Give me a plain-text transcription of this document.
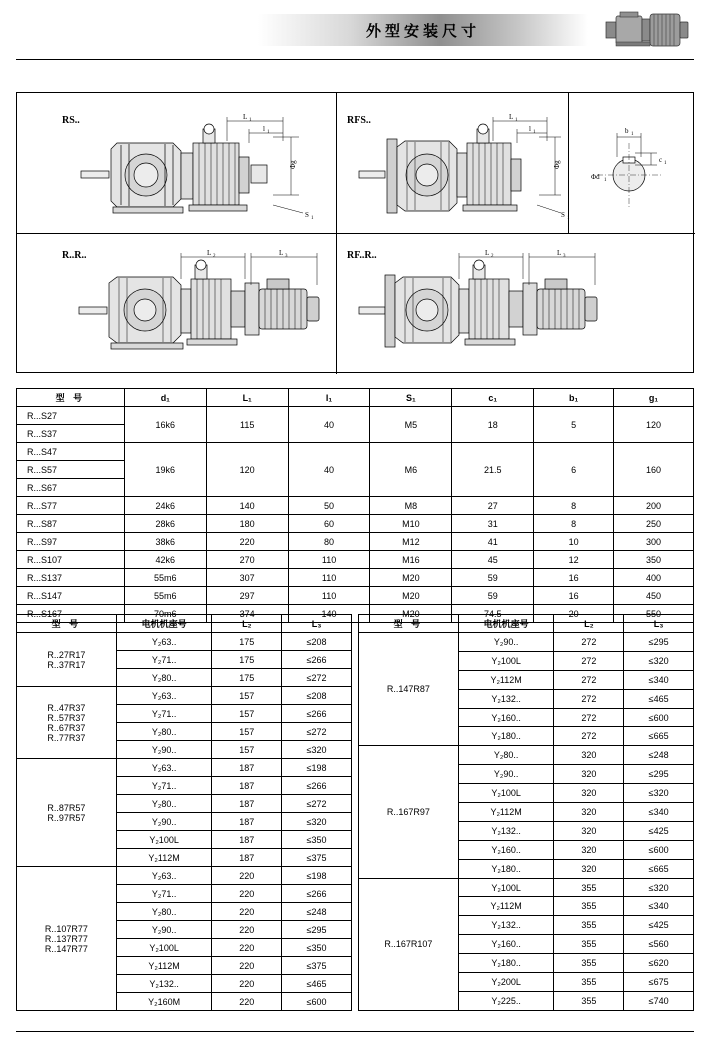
外型安装尺寸
RS..	RFS..
R..R..	RF..R..
L 1
l 1
Φg
S 1
L 1
l 1
Φg
S 1
b 1
c 1
Φd 1
L 2	L 3	L 2	L 3
型 号	d₁	L₁	l₁	S₁	c₁	b₁	g₁
R...S27	16k6	115	40	M5	18	5	120
R...S37							
R...S47	19k6	120	40	M6	21.5	6	160
R...S57							
R...S67							
R...S77	24k6	140	50	M8	27	8	200
R...S87	28k6	180	60	M10	31	8	250
R...S97	38k6	220	80	M12	41	10	300
R...S107	42k6	270	110	M16	45	12	350
R...S137	55m6	307	110	M20	59	16	400
R...S147	55m6	297	110	M20	59	16	450
R...S167	70m6	374	140	M20	74.5	20	550
型 号	电机机座号	L₂	L₃

R..27R17
R..37R17	Y₂63..	175	≤208
	Y₂71..	175	≤266
	Y₂80..	175	≤272

R..47R37
R..57R37
R..67R37
R..77R37	Y₂63..	157	≤208
	Y₂71..	157	≤266
	Y₂80..	157	≤272
	Y₂90..	157	≤320

R..87R57
R..97R57	Y₂63..	187	≤198
	Y₂71..	187	≤266
	Y₂80..	187	≤272
	Y₂90..	187	≤320
	Y₂100L	187	≤350
	Y₂112M	187	≤375

R..107R77
R..137R77
R..147R77	Y₂63..	220	≤198
	Y₂71..	220	≤266
	Y₂80..	220	≤248
	Y₂90..	220	≤295
	Y₂100L	220	≤350
	Y₂112M	220	≤375
	Y₂132..	220	≤465
	Y₂160M	220	≤600
型 号	电机机座号	L₂	L₃

R..147R87	Y₂90..	272	≤295
	Y₂100L	272	≤320
	Y₂112M	272	≤340
	Y₂132..	272	≤465
	Y₂160..	272	≤600
	Y₂180..	272	≤665

R..167R97	Y₂80..	320	≤248
	Y₂90..	320	≤295
	Y₂100L	320	≤320
	Y₂112M	320	≤340
	Y₂132..	320	≤425
	Y₂160..	320	≤600
	Y₂180..	320	≤665

R..167R107	Y₂100L	355	≤320
	Y₂112M	355	≤340
	Y₂132..	355	≤425
	Y₂160..	355	≤560
	Y₂180..	355	≤620
	Y₂200L	355	≤675
	Y₂225..	355	≤740
